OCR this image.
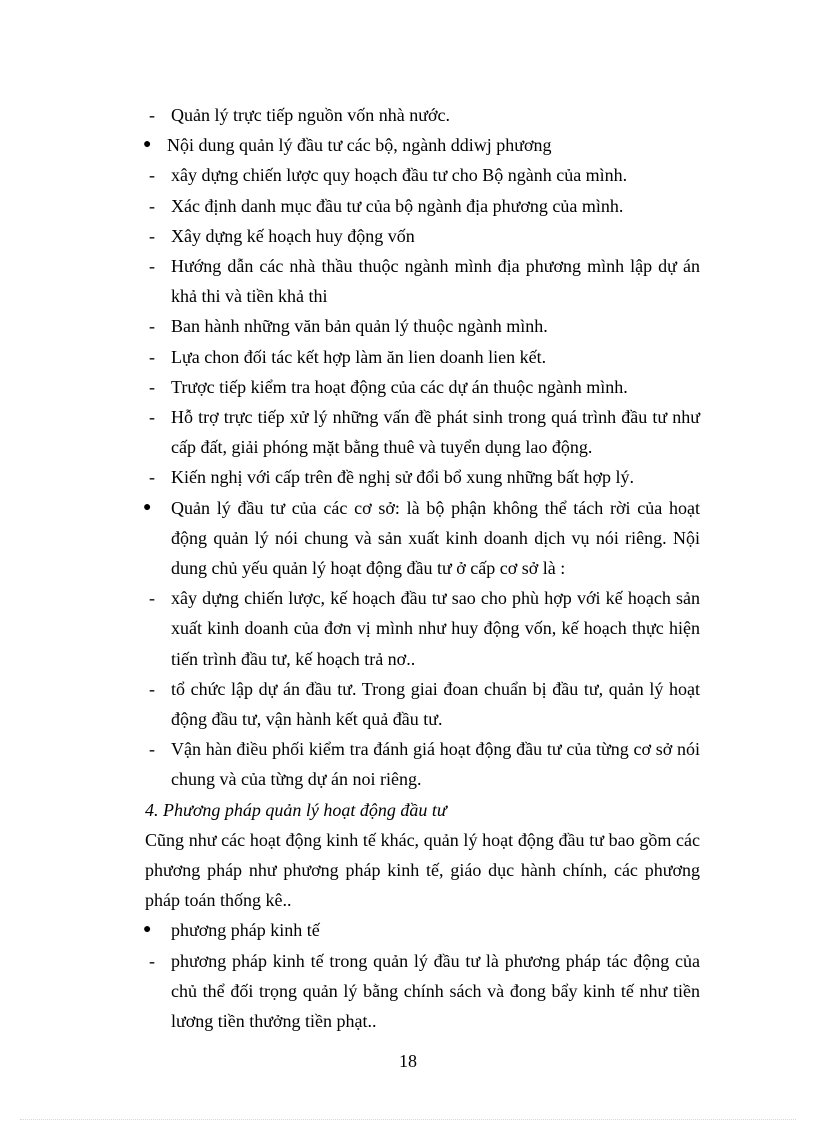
- Quản lý trực tiếp nguồn vốn nhà nước.
● Nội dung quản lý đầu tư các bộ, ngành ddiwj phương
- xây dựng chiến lược quy hoạch đầu tư cho Bộ ngành của mình.
- Xác định danh mục đầu tư của bộ ngành địa phương của mình.
- Xây dựng kế hoạch huy động vốn
- Hướng dẫn các nhà thầu thuộc ngành mình địa phương mình lập dự án khả thi và tiền khả thi
- Ban hành những văn bản quản lý thuộc ngành mình.
- Lựa chon đối tác kết hợp làm ăn lien doanh lien kết.
- Trược tiếp kiểm tra hoạt động của các dự án thuộc ngành mình.
- Hỗ trợ trực tiếp xử lý những vấn đề phát sinh trong quá trình đầu tư như cấp đất, giải phóng mặt bằng thuê và tuyển dụng lao động.
- Kiến nghị với cấp trên đề nghị sử đổi bổ xung những bất hợp lý.
● Quản lý đầu tư của các cơ sở: là bộ phận không thể tách rời của hoạt động quản lý nói chung và sản xuất kinh doanh dịch vụ nói riêng. Nội dung chủ yếu quản lý hoạt động đầu tư ở cấp cơ sở là :
- xây dựng chiến lược, kế hoạch đầu tư sao cho phù hợp với kế hoạch sản xuất kinh doanh của đơn vị mình như huy động vốn, kế hoạch thực hiện tiến trình đầu tư, kế hoạch trả nơ..
- tổ chức lập dự án đầu tư. Trong giai đoan chuẩn bị đầu tư, quản lý hoạt động đầu tư, vận hành kết quả đầu tư.
- Vận hàn điều phối kiểm tra đánh giá hoạt động đầu tư của từng cơ sở nói chung và của từng dự án noi riêng.
4. Phương pháp quản lý hoạt động đầu tư
Cũng như các hoạt động kinh tế khác, quản lý hoạt động đầu tư bao gồm các phương pháp như phương pháp kinh tế, giáo dục hành chính, các phương pháp toán thống kê..
● phương pháp kinh tế
- phương pháp kinh tế trong quản lý đầu tư là phương pháp tác động của chủ thể đối trọng quản lý bằng chính sách và đong bẩy kinh tế như tiền lương tiền thưởng tiền phạt..
18
